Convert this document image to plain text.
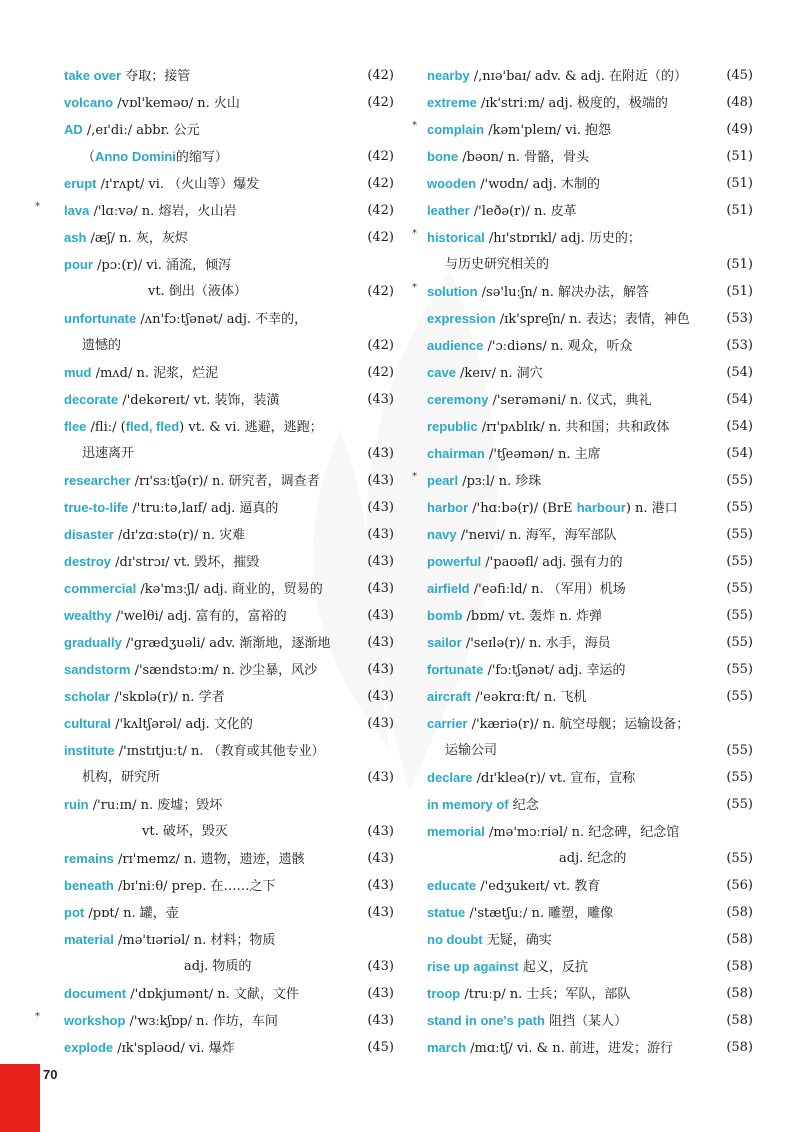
take over 夺取；接管	(42)
volcano /vɒl'keməʊ/ n. 火山	(42)
AD /,eɪ'diː/ abbr. 公元
（Anno Domini的缩写）	(42)
erupt /ɪ'rʌpt/ vi. （火山等）爆发	(42)
* lava /'lɑːvə/ n. 熔岩，火山岩	(42)
ash /æʃ/ n. 灰，灰烬	(42)
pour /pɔː(r)/ vi. 涌流，倾泻
vt. 倒出（液体）	(42)
unfortunate /ʌn'fɔːtʃənət/ adj. 不幸的，
遗憾的	(42)
mud /mʌd/ n. 泥浆，烂泥	(42)
decorate /'dekəreɪt/ vt. 装饰，装潢	(43)
flee /fliː/ (fled, fled) vt. & vi. 逃避，逃跑；
迅速离开	(43)
researcher /rɪ'sɜːtʃə(r)/ n. 研究者，调查者	(43)
true-to-life /'truːtə,laɪf/ adj. 逼真的	(43)
disaster /dɪ'zɑːstə(r)/ n. 灾难	(43)
destroy /dɪ'strɔɪ/ vt. 毁坏，摧毁	(43)
commercial /kə'mɜːʃl/ adj. 商业的，贸易的	(43)
wealthy /'welθi/ adj. 富有的，富裕的	(43)
gradually /'grædʒuəli/ adv. 渐渐地，逐渐地	(43)
sandstorm /'sændstɔːm/ n. 沙尘暴，风沙	(43)
scholar /'skɒlə(r)/ n. 学者	(43)
cultural /'kʌltʃərəl/ adj. 文化的	(43)
institute /'ɪnstɪtjuːt/ n. （教育或其他专业）
机构，研究所	(43)
ruin /'ruːɪn/ n. 废墟；毁坏
vt. 破坏，毁灭	(43)
remains /rɪ'memz/ n. 遗物，遗迹，遗骸	(43)
beneath /bɪ'niːθ/ prep. 在……之下	(43)
pot /pɒt/ n. 罐，壶	(43)
material /mə'tɪəriəl/ n. 材料；物质
adj. 物质的	(43)
document /'dɒkjumənt/ n. 文献，文件	(43)
* workshop /'wɜːkʃɒp/ n. 作坊，车间	(43)
explode /ɪk'spləʊd/ vi. 爆炸	(45)
nearby /,nɪə'baɪ/ adv. & adj. 在附近（的）	(45)
extreme /ɪk'striːm/ adj. 极度的，极端的	(48)
* complain /kəm'pleɪn/ vi. 抱怨	(49)
bone /bəʊn/ n. 骨骼，骨头	(51)
wooden /'wʊdn/ adj. 木制的	(51)
leather /'leðə(r)/ n. 皮革	(51)
* historical /hɪ'stɒrɪkl/ adj. 历史的；
与历史研究相关的	(51)
* solution /sə'luːʃn/ n. 解决办法，解答	(51)
expression /ɪk'spreʃn/ n. 表达；表情，神色	(53)
audience /'ɔːdiəns/ n. 观众，听众	(53)
cave /keɪv/ n. 洞穴	(54)
ceremony /'serəməni/ n. 仪式，典礼	(54)
republic /rɪ'pʌblɪk/ n. 共和国；共和政体	(54)
chairman /'tʃeəmən/ n. 主席	(54)
* pearl /pɜːl/ n. 珍珠	(55)
harbor /'hɑːbə(r)/ (BrE harbour) n. 港口	(55)
navy /'neɪvi/ n. 海军，海军部队	(55)
powerful /'paʊəfl/ adj. 强有力的	(55)
airfield /'eəfiːld/ n. （军用）机场	(55)
bomb /bɒm/ vt. 轰炸 n. 炸弹	(55)
sailor /'seɪlə(r)/ n. 水手，海员	(55)
fortunate /'fɔːtʃənət/ adj. 幸运的	(55)
aircraft /'eəkrɑːft/ n. 飞机	(55)
carrier /'kæriə(r)/ n. 航空母舰；运输设备；
运输公司	(55)
declare /dɪ'kleə(r)/ vt. 宣布，宣称	(55)
in memory of 纪念	(55)
memorial /mə'mɔːriəl/ n. 纪念碑，纪念馆
adj. 纪念的	(55)
educate /'edʒukeɪt/ vt. 教育	(56)
statue /'stætʃuː/ n. 雕塑，雕像	(58)
no doubt 无疑，确实	(58)
rise up against 起义，反抗	(58)
troop /truːp/ n. 士兵；军队，部队	(58)
stand in one's path 阻挡（某人）	(58)
march /mɑːtʃ/ vi. & n. 前进，进发；游行	(58)
70
